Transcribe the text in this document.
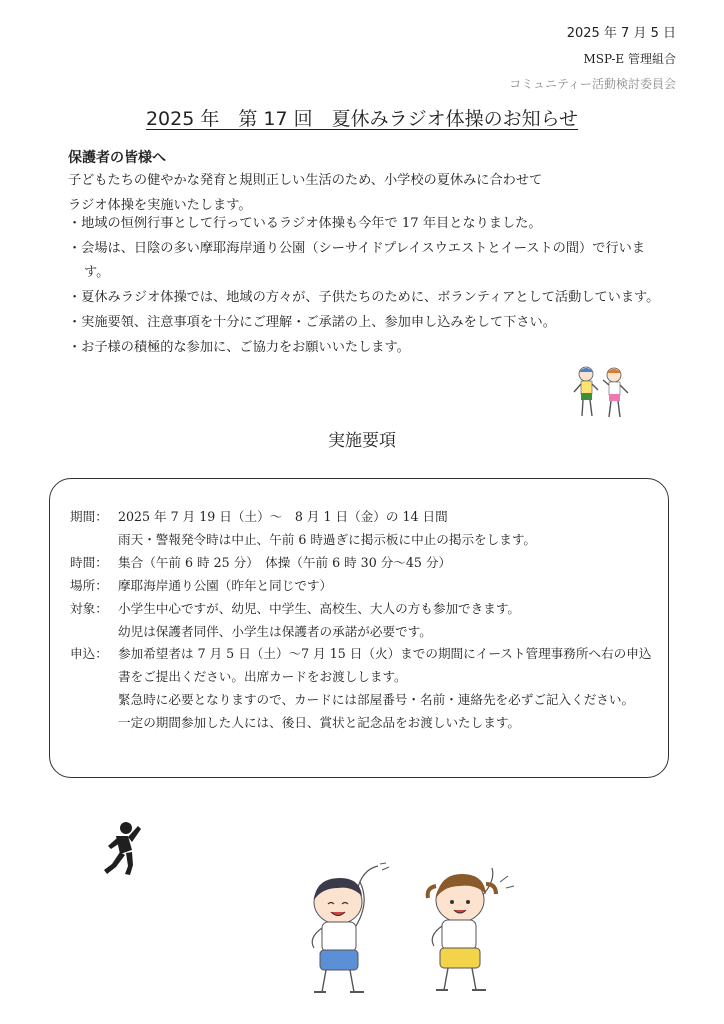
2025 年 7 月 5 日
MSP-E 管理組合
コミュニティー活動検討委員会
2025 年　第 17 回　夏休みラジオ体操のお知らせ
保護者の皆様へ

子どもたちの健やかな発育と規則正しい生活のため、小学校の夏休みに合わせて

ラジオ体操を実施いたします。

・地域の恒例行事として行っているラジオ体操も今年で 17 年目となりました。
・会場は、日陰の多い摩耶海岸通り公園（シーサイドプレイスウエストとイーストの間）で行います。
・夏休みラジオ体操では、地域の方々が、子供たちのために、ボランティアとして活動しています。
・実施要領、注意事項を十分にご理解・ご承諾の上、参加申し込みをして下さい。
・お子様の積極的な参加に、ご協力をお願いいたします。
実施要項
期間： 2025 年 7 月 19 日（土）～　8 月 1 日（金）の 14 日間
雨天・警報発令時は中止、午前 6 時過ぎに掲示板に中止の掲示をします。
時間： 集合（午前 6 時 25 分）　体操（午前 6 時 30 分～45 分）
場所： 摩耶海岸通り公園（昨年と同じです）
対象： 小学生中心ですが、幼児、中学生、高校生、大人の方も参加できます。
幼児は保護者同伴、小学生は保護者の承諾が必要です。
申込： 参加希望者は 7 月 5 日（土）～7 月 15 日（火）までの期間にイースト管理事務所へ右の申込書をご提出ください。出席カードをお渡しします。
緊急時に必要となりますので、カードには部屋番号・名前・連絡先を必ずご記入ください。
一定の期間参加した人には、後日、賞状と記念品をお渡しいたします。
